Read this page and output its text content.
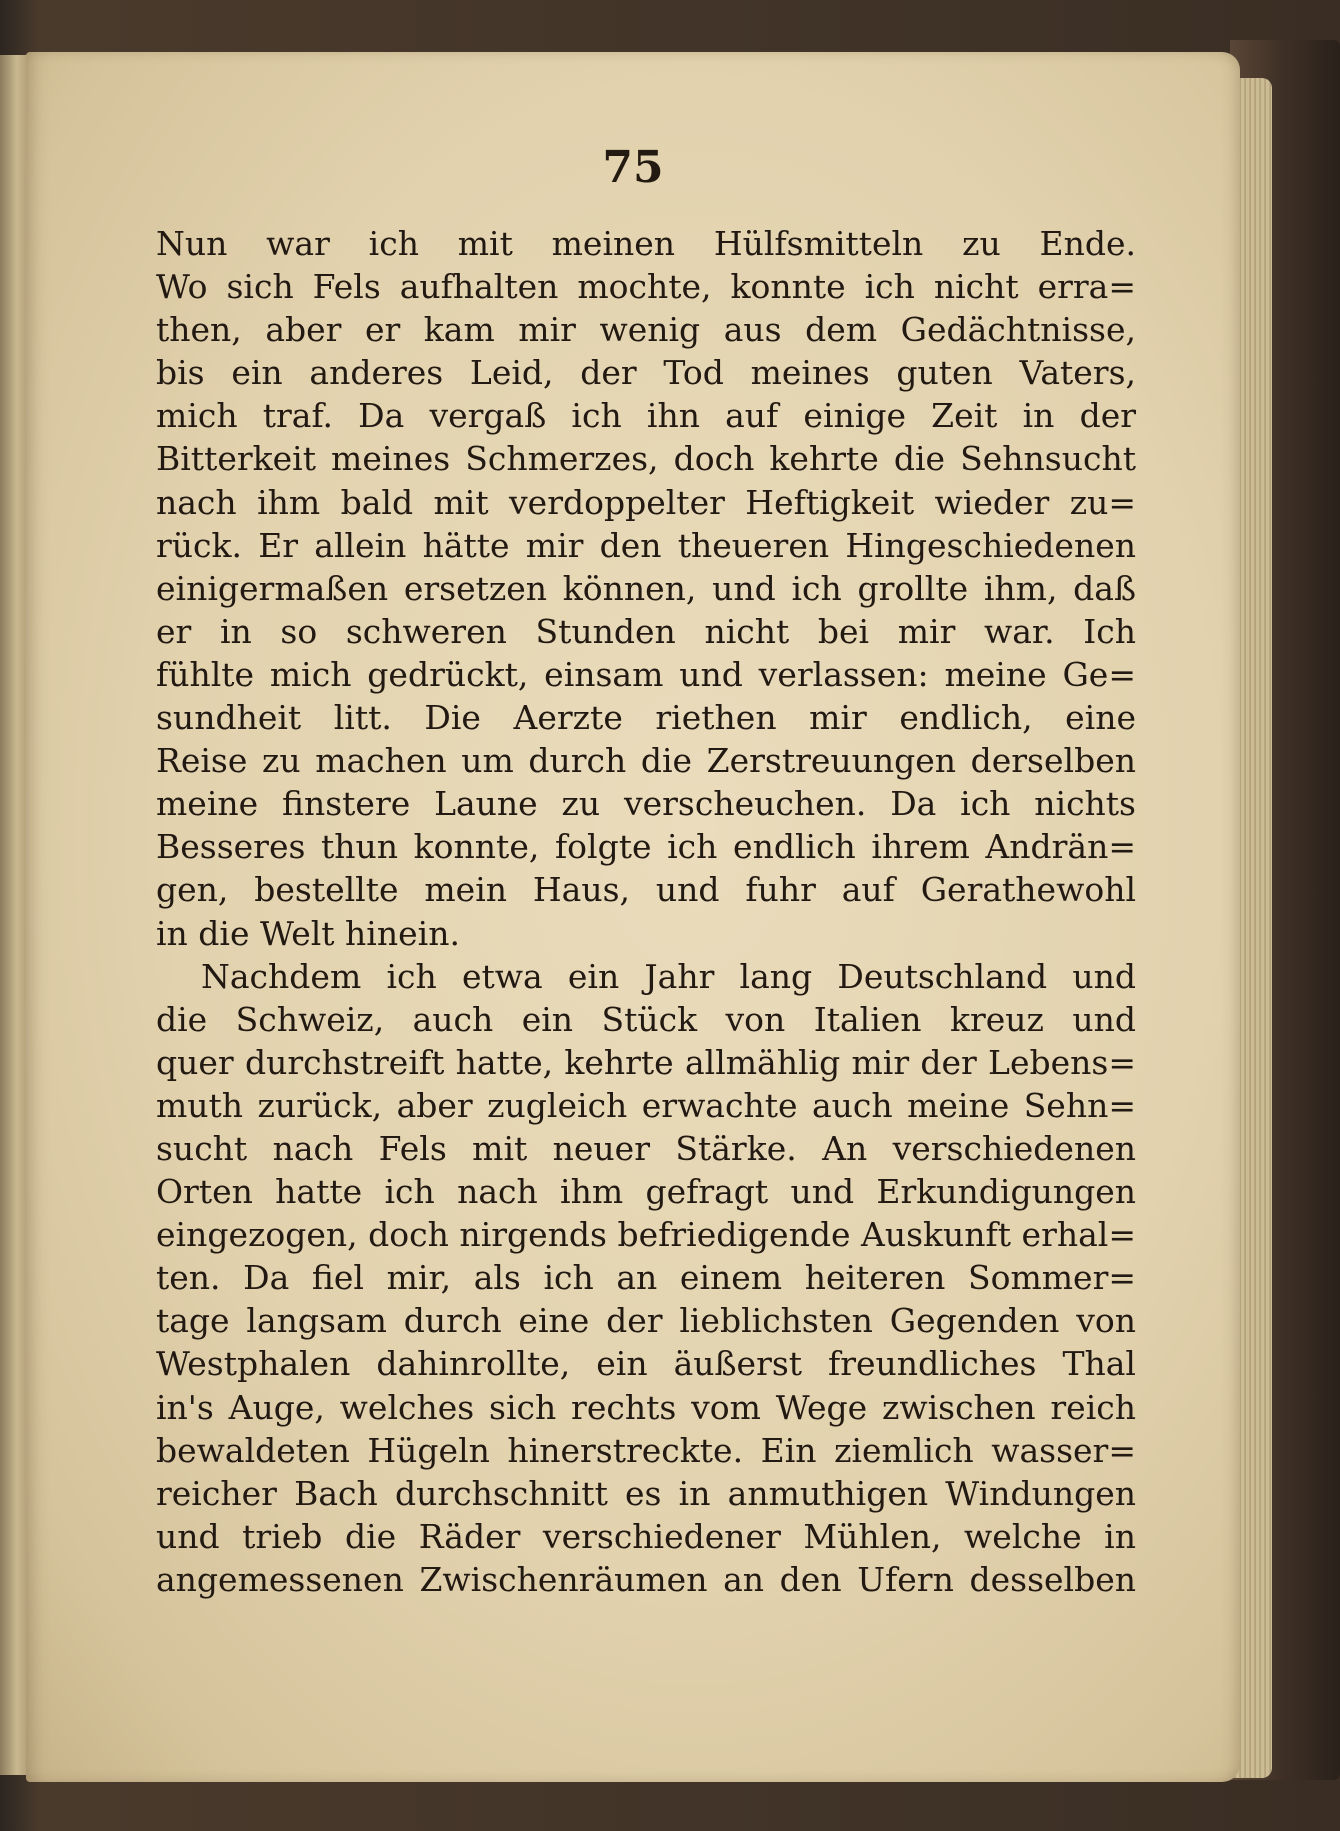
75
Nun war ich mit meinen Hülfsmitteln zu Ende.
Wo sich Fels aufhalten mochte, konnte ich nicht erra=
then, aber er kam mir wenig aus dem Gedächtnisse,
bis ein anderes Leid, der Tod meines guten Vaters,
mich traf. Da vergaß ich ihn auf einige Zeit in der
Bitterkeit meines Schmerzes, doch kehrte die Sehnsucht
nach ihm bald mit verdoppelter Heftigkeit wieder zu=
rück. Er allein hätte mir den theueren Hingeschiedenen
einigermaßen ersetzen können, und ich grollte ihm, daß
er in so schweren Stunden nicht bei mir war. Ich
fühlte mich gedrückt, einsam und verlassen: meine Ge=
sundheit litt. Die Aerzte riethen mir endlich, eine
Reise zu machen um durch die Zerstreuungen derselben
meine finstere Laune zu verscheuchen. Da ich nichts
Besseres thun konnte, folgte ich endlich ihrem Andrän=
gen, bestellte mein Haus, und fuhr auf Gerathewohl
in die Welt hinein.
Nachdem ich etwa ein Jahr lang Deutschland und
die Schweiz, auch ein Stück von Italien kreuz und
quer durchstreift hatte, kehrte allmählig mir der Lebens=
muth zurück, aber zugleich erwachte auch meine Sehn=
sucht nach Fels mit neuer Stärke. An verschiedenen
Orten hatte ich nach ihm gefragt und Erkundigungen
eingezogen, doch nirgends befriedigende Auskunft erhal=
ten. Da fiel mir, als ich an einem heiteren Sommer=
tage langsam durch eine der lieblichsten Gegenden von
Westphalen dahinrollte, ein äußerst freundliches Thal
in's Auge, welches sich rechts vom Wege zwischen reich
bewaldeten Hügeln hinerstreckte. Ein ziemlich wasser=
reicher Bach durchschnitt es in anmuthigen Windungen
und trieb die Räder verschiedener Mühlen, welche in
angemessenen Zwischenräumen an den Ufern desselben
